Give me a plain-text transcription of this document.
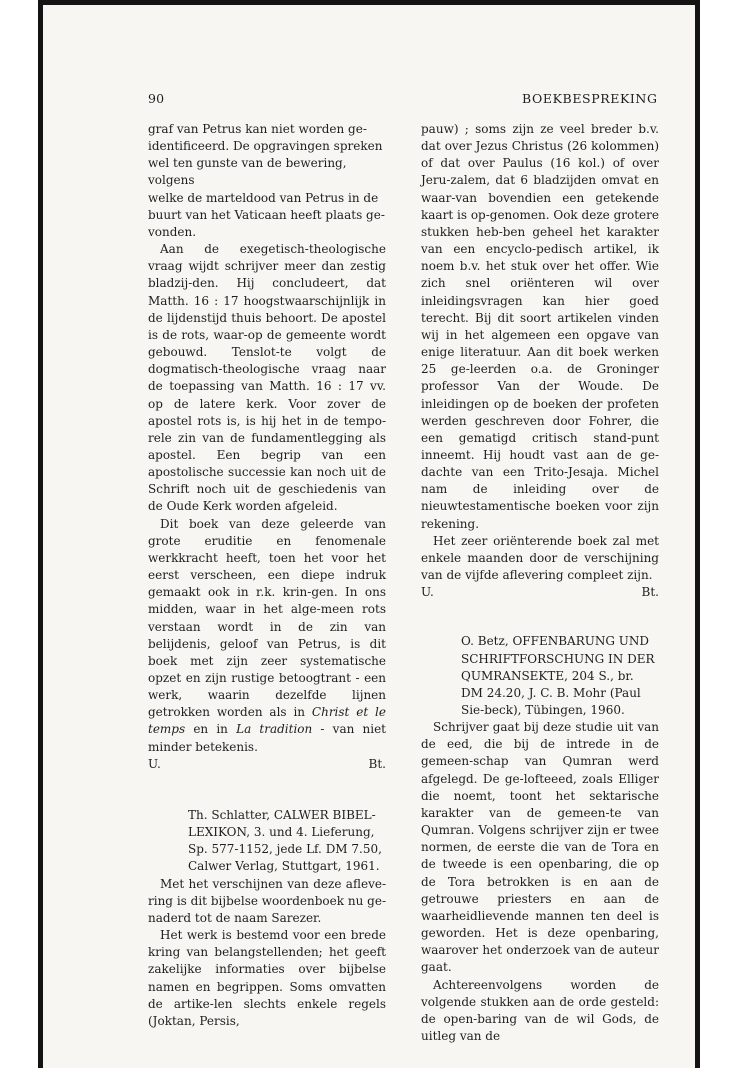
90	BOEKBESPREKING
graf van Petrus kan niet worden ge-
identificeerd. De opgravingen spreken
wel ten gunste van de bewering, volgens
welke de marteldood van Petrus in de
buurt van het Vaticaan heeft plaats ge-
vonden.

Aan de exegetisch-theologische vraag wijdt schrijver meer dan zestig bladzij-den. Hij concludeert, dat Matth. 16 : 17 hoogstwaarschijnlijk in de lijdenstijd thuis behoort. De apostel is de rots, waar-op de gemeente wordt gebouwd. Tenslot-te volgt de dogmatisch-theologische vraag naar de toepassing van Matth. 16 : 17 vv. op de latere kerk. Voor zover de apostel rots is, is hij het in de tempo-rele zin van de fundamentlegging als apostel. Een begrip van een apostolische successie kan noch uit de Schrift noch uit de geschiedenis van de Oude Kerk worden afgeleid.

Dit boek van deze geleerde van grote eruditie en fenomenale werkkracht heeft, toen het voor het eerst verscheen, een diepe indruk gemaakt ook in r.k. krin-gen. In ons midden, waar in het alge-meen rots verstaan wordt in de zin van belijdenis, geloof van Petrus, is dit boek met zijn zeer systematische opzet en zijn rustige betoogtrant - een werk, waarin dezelfde lijnen getrokken worden als in Christ et le temps en in La tradition - van niet minder betekenis.

U.	Bt.
Th. Schlatter, CALWER BIBEL-LEXIKON, 3. und 4. Lieferung, Sp. 577-1152, jede Lf. DM 7.50, Calwer Verlag, Stuttgart, 1961.

Met het verschijnen van deze afleve-ring is dit bijbelse woordenboek nu ge-naderd tot de naam Sarezer.

Het werk is bestemd voor een brede kring van belangstellenden; het geeft zakelijke informaties over bijbelse namen en begrippen. Soms omvatten de artike-len slechts enkele regels (Joktan, Persis,

pauw) ; soms zijn ze veel breder b.v. dat over Jezus Christus (26 kolommen) of dat over Paulus (16 kol.) of over Jeru-zalem, dat 6 bladzijden omvat en waar-van bovendien een getekende kaart is op-genomen. Ook deze grotere stukken heb-ben geheel het karakter van een encyclo-pedisch artikel, ik noem b.v. het stuk over het offer. Wie zich snel oriënteren wil over inleidingsvragen kan hier goed terecht. Bij dit soort artikelen vinden wij in het algemeen een opgave van enige literatuur. Aan dit boek werken 25 ge-leerden o.a. de Groninger professor Van der Woude. De inleidingen op de boeken der profeten werden geschreven door Fohrer, die een gematigd critisch stand-punt inneemt. Hij houdt vast aan de ge-dachte van een Trito-Jesaja. Michel nam de inleiding over de nieuwtestamentische boeken voor zijn rekening.

Het zeer oriënterende boek zal met enkele maanden door de verschijning van de vijfde aflevering compleet zijn.

U.	Bt.
O. Betz, OFFENBARUNG UND SCHRIFTFORSCHUNG IN DER QUMRANSEKTE, 204 S., br. DM 24.20, J. C. B. Mohr (Paul Sie-beck), Tübingen, 1960.

Schrijver gaat bij deze studie uit van de eed, die bij de intrede in de gemeen-schap van Qumran werd afgelegd. De ge-lofteeed, zoals Elliger die noemt, toont het sektarische karakter van de gemeen-te van Qumran. Volgens schrijver zijn er twee normen, de eerste die van de Tora en de tweede is een openbaring, die op de Tora betrokken is en aan de getrouwe priesters en aan de waarheidlievende mannen ten deel is geworden. Het is deze openbaring, waarover het onderzoek van de auteur gaat.

Achtereenvolgens worden de volgende stukken aan de orde gesteld: de open-baring van de wil Gods, de uitleg van de
